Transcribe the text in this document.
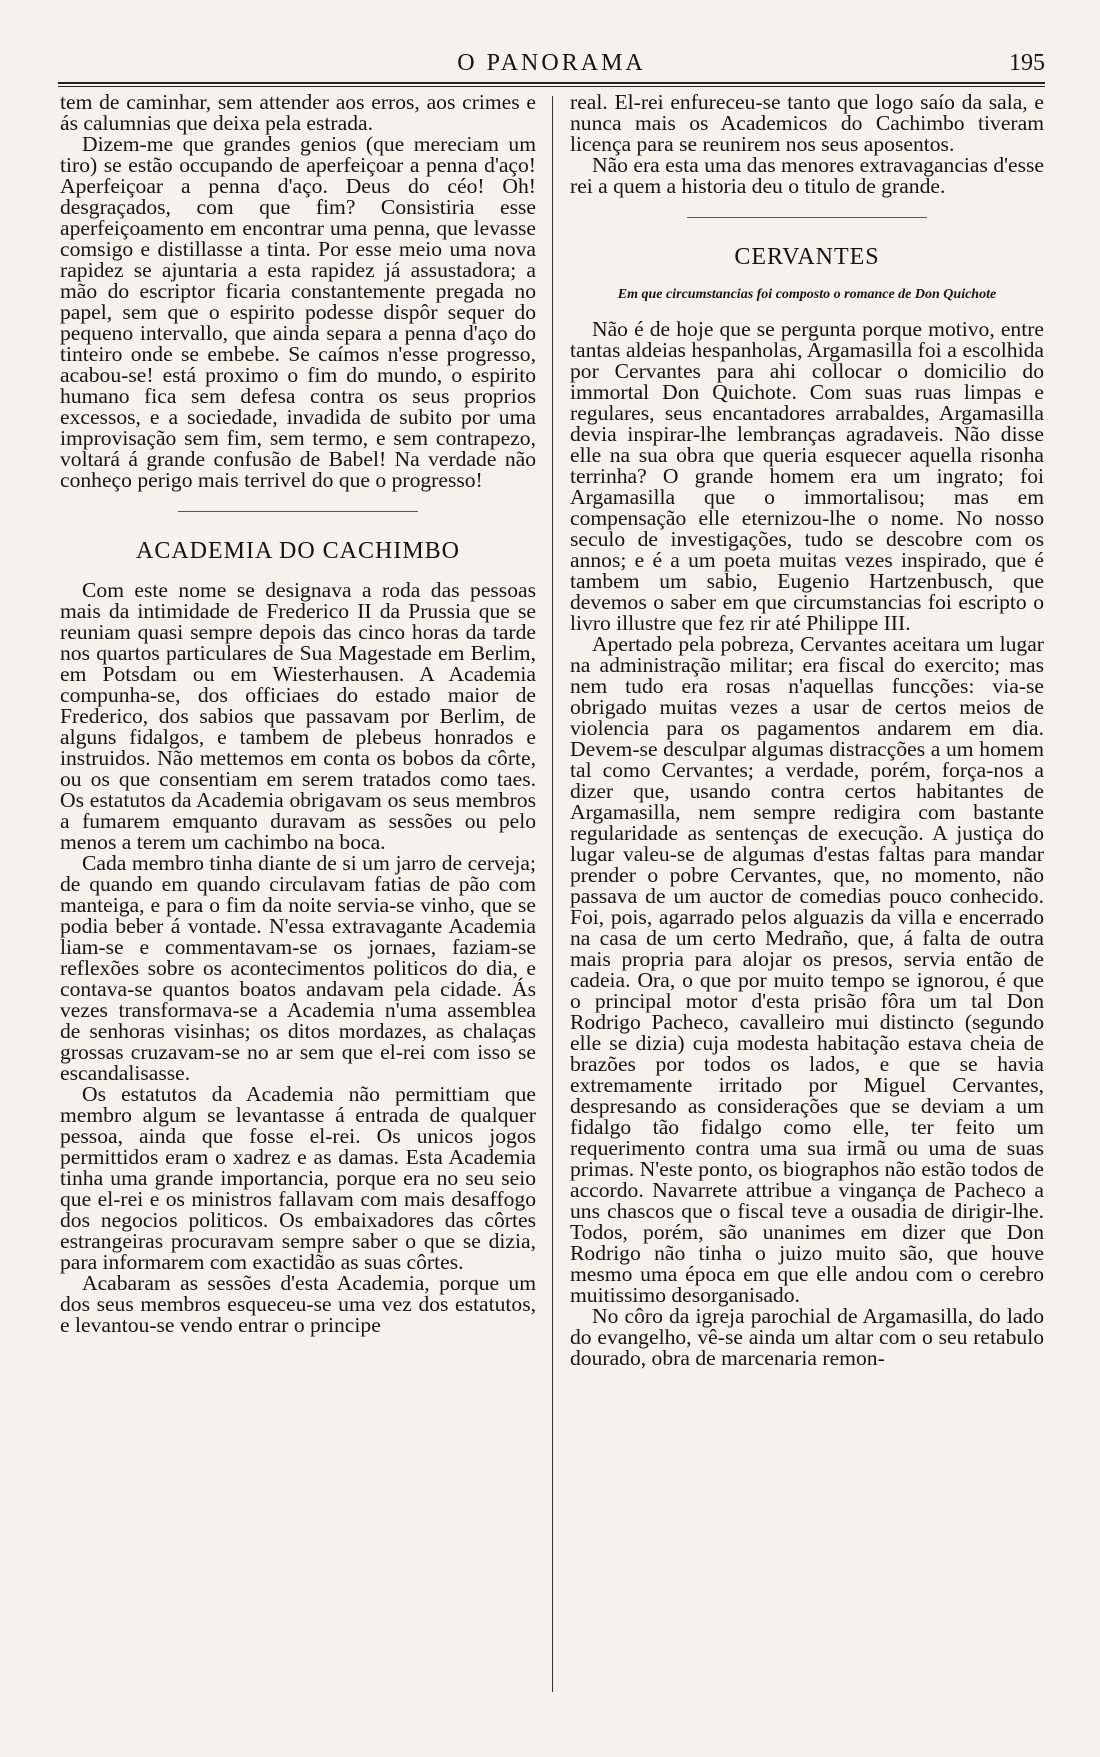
O PANORAMA	195

tem de caminhar, sem attender aos erros, aos crimes e ás calumnias que deixa pela estrada.

Dizem-me que grandes genios (que mereciam um tiro) se estão occupando de aperfeiçoar a penna d'aço! Aperfeiçoar a penna d'aço. Deus do céo! Oh! desgraçados, com que fim? Consistiria esse aperfeiçoamento em encontrar uma penna, que levasse comsigo e distillasse a tinta. Por esse meio uma nova rapidez se ajuntaria a esta rapidez já assustadora; a mão do escriptor ficaria constantemente pregada no papel, sem que o espirito podesse dispôr sequer do pequeno intervallo, que ainda separa a penna d'aço do tinteiro onde se embebe. Se caímos n'esse progresso, acabou-se! está proximo o fim do mundo, o espirito humano fica sem defesa contra os seus proprios excessos, e a sociedade, invadida de subito por uma improvisação sem fim, sem termo, e sem contrapezo, voltará á grande confusão de Babel! Na verdade não conheço perigo mais terrivel do que o progresso!

ACADEMIA DO CACHIMBO

Com este nome se designava a roda das pessoas mais da intimidade de Frederico II da Prussia que se reuniam quasi sempre depois das cinco horas da tarde nos quartos particulares de Sua Magestade em Berlim, em Potsdam ou em Wiesterhausen. A Academia compunha-se, dos officiaes do estado maior de Frederico, dos sabios que passavam por Berlim, de alguns fidalgos, e tambem de plebeus honrados e instruidos. Não mettemos em conta os bobos da côrte, ou os que consentiam em serem tratados como taes. Os estatutos da Academia obrigavam os seus membros a fumarem emquanto duravam as sessões ou pelo menos a terem um cachimbo na boca.

Cada membro tinha diante de si um jarro de cerveja; de quando em quando circulavam fatias de pão com manteiga, e para o fim da noite servia-se vinho, que se podia beber á vontade. N'essa extravagante Academia liam-se e commentavam-se os jornaes, faziam-se reflexões sobre os acontecimentos politicos do dia, e contava-se quantos boatos andavam pela cidade. Ás vezes transformava-se a Academia n'uma assemblea de senhoras visinhas; os ditos mordazes, as chalaças grossas cruzavam-se no ar sem que el-rei com isso se escandalisasse.

Os estatutos da Academia não permittiam que membro algum se levantasse á entrada de qualquer pessoa, ainda que fosse el-rei. Os unicos jogos permittidos eram o xadrez e as damas. Esta Academia tinha uma grande importancia, porque era no seu seio que el-rei e os ministros fallavam com mais desaffogo dos negocios politicos. Os embaixadores das côrtes estrangeiras procuravam sempre saber o que se dizia, para informarem com exactidão as suas côrtes.

Acabaram as sessões d'esta Academia, porque um dos seus membros esqueceu-se uma vez dos estatutos, e levantou-se vendo entrar o principe

real. El-rei enfureceu-se tanto que logo saío da sala, e nunca mais os Academicos do Cachimbo tiveram licença para se reunirem nos seus aposentos.

Não era esta uma das menores extravagancias d'esse rei a quem a historia deu o titulo de grande.

CERVANTES
Em que circumstancias foi composto o romance de Don Quichote

Não é de hoje que se pergunta porque motivo, entre tantas aldeias hespanholas, Argamasilla foi a escolhida por Cervantes para ahi collocar o domicilio do immortal Don Quichote. Com suas ruas limpas e regulares, seus encantadores arrabaldes, Argamasilla devia inspirar-lhe lembranças agradaveis. Não disse elle na sua obra que queria esquecer aquella risonha terrinha? O grande homem era um ingrato; foi Argamasilla que o immortalisou; mas em compensação elle eternizou-lhe o nome. No nosso seculo de investigações, tudo se descobre com os annos; e é a um poeta muitas vezes inspirado, que é tambem um sabio, Eugenio Hartzenbusch, que devemos o saber em que circumstancias foi escripto o livro illustre que fez rir até Philippe III.

Apertado pela pobreza, Cervantes aceitara um lugar na administração militar; era fiscal do exercito; mas nem tudo era rosas n'aquellas funcções: via-se obrigado muitas vezes a usar de certos meios de violencia para os pagamentos andarem em dia. Devem-se desculpar algumas distracções a um homem tal como Cervantes; a verdade, porém, força-nos a dizer que, usando contra certos habitantes de Argamasilla, nem sempre redigira com bastante regularidade as sentenças de execução. A justiça do lugar valeu-se de algumas d'estas faltas para mandar prender o pobre Cervantes, que, no momento, não passava de um auctor de comedias pouco conhecido. Foi, pois, agarrado pelos alguazis da villa e encerrado na casa de um certo Medraño, que, á falta de outra mais propria para alojar os presos, servia então de cadeia. Ora, o que por muito tempo se ignorou, é que o principal motor d'esta prisão fôra um tal Don Rodrigo Pacheco, cavalleiro mui distincto (segundo elle se dizia) cuja modesta habitação estava cheia de brazões por todos os lados, e que se havia extremamente irritado por Miguel Cervantes, despresando as considerações que se deviam a um fidalgo tão fidalgo como elle, ter feito um requerimento contra uma sua irmã ou uma de suas primas. N'este ponto, os biographos não estão todos de accordo. Navarrete attribue a vingança de Pacheco a uns chascos que o fiscal teve a ousadia de dirigir-lhe. Todos, porém, são unanimes em dizer que Don Rodrigo não tinha o juizo muito são, que houve mesmo uma época em que elle andou com o cerebro muitissimo desorganisado.

No côro da igreja parochial de Argamasilla, do lado do evangelho, vê-se ainda um altar com o seu retabulo dourado, obra de marcenaria remon-
